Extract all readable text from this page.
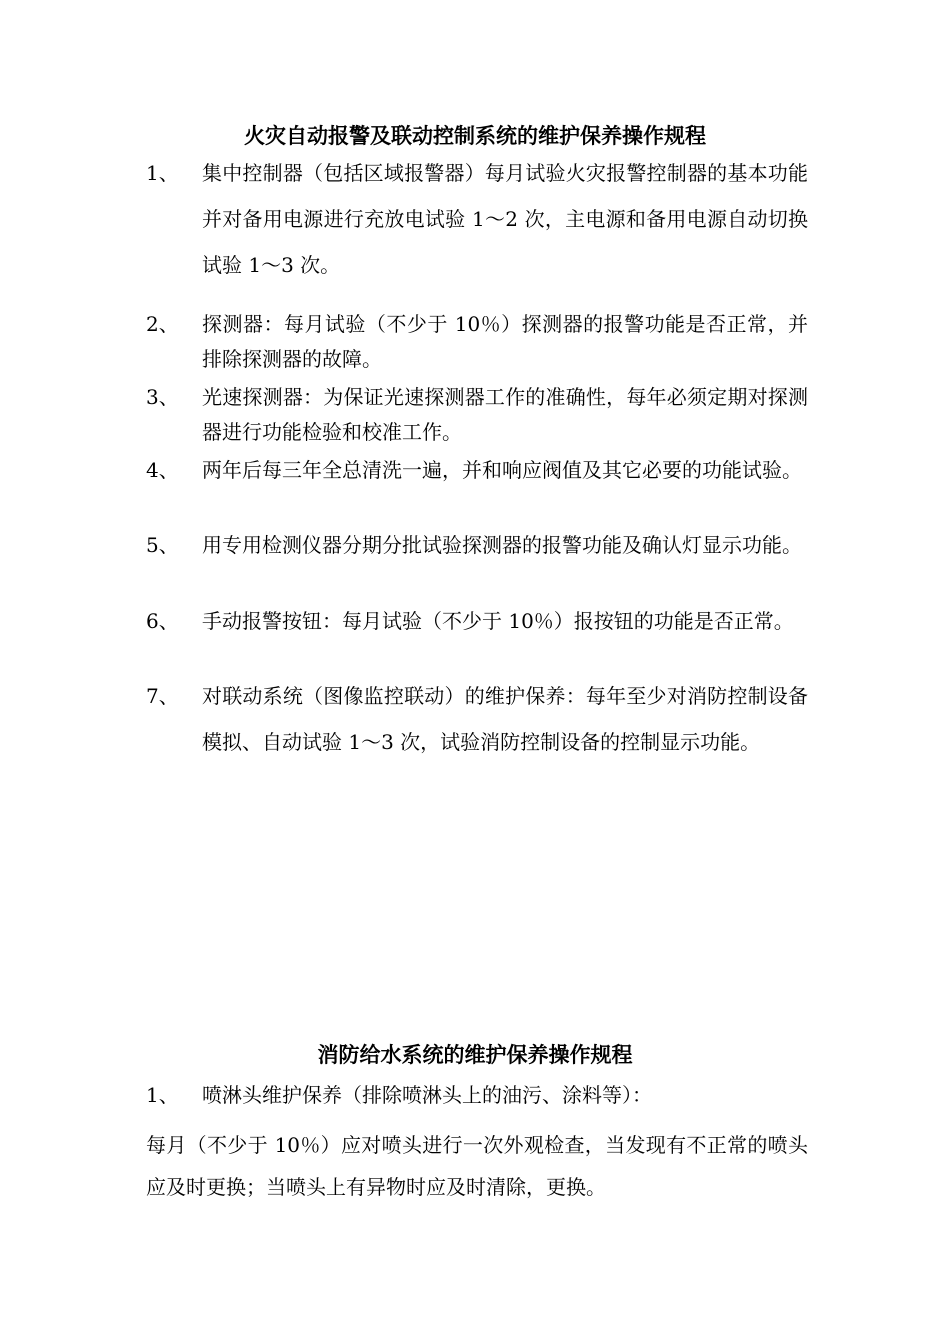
火灾自动报警及联动控制系统的维护保养操作规程
1、 集中控制器（包括区域报警器）每月试验火灾报警控制器的基本功能并对备用电源进行充放电试验 1～2 次，主电源和备用电源自动切换试验 1～3 次。
2、 探测器：每月试验（不少于 10％）探测器的报警功能是否正常，并排除探测器的故障。
3、 光速探测器：为保证光速探测器工作的准确性，每年必须定期对探测器进行功能检验和校准工作。
4、 两年后每三年全总清洗一遍，并和响应阀值及其它必要的功能试验。
5、 用专用检测仪器分期分批试验探测器的报警功能及确认灯显示功能。
6、 手动报警按钮：每月试验（不少于 10％）报按钮的功能是否正常。
7、 对联动系统（图像监控联动）的维护保养：每年至少对消防控制设备模拟、自动试验 1～3 次，试验消防控制设备的控制显示功能。
消防给水系统的维护保养操作规程
1、 喷淋头维护保养（排除喷淋头上的油污、涂料等）：

每月（不少于 10％）应对喷头进行一次外观检查，当发现有不正常的喷头应及时更换；当喷头上有异物时应及时清除，更换。
